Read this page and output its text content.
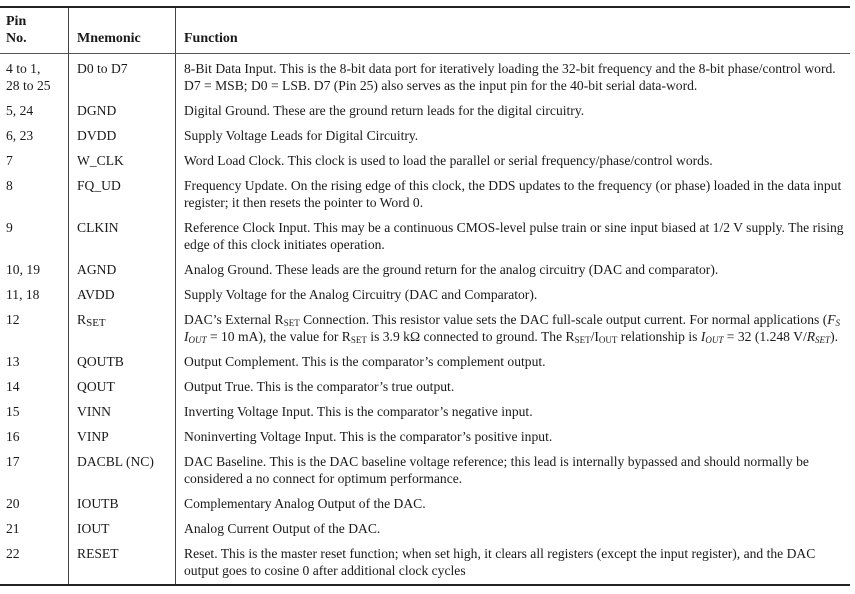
Pin
No.	Mnemonic	Function
4 to 1,
28 to 25	D0 to D7	8-Bit Data Input. This is the 8-bit data port for iteratively loading the 32-bit frequency and the 8-bit phase/control word. D7 = MSB; D0 = LSB. D7 (Pin 25) also serves as the input pin for the 40-bit serial data-word.
5, 24	DGND	Digital Ground. These are the ground return leads for the digital circuitry.
6, 23	DVDD	Supply Voltage Leads for Digital Circuitry.
7	W_CLK	Word Load Clock. This clock is used to load the parallel or serial frequency/phase/control words.
8	FQ_UD	Frequency Update. On the rising edge of this clock, the DDS updates to the frequency (or phase) loaded in the data input register; it then resets the pointer to Word 0.
9	CLKIN	Reference Clock Input. This may be a continuous CMOS-level pulse train or sine input biased at 1/2 V supply. The rising edge of this clock initiates operation.
10, 19	AGND	Analog Ground. These leads are the ground return for the analog circuitry (DAC and comparator).
11, 18	AVDD	Supply Voltage for the Analog Circuitry (DAC and Comparator).
12	$R_{SET}$	DAC’s External $R_{SET}$ Connection. This resistor value sets the DAC full-scale output current. For normal applications ($F_S$ $I_{OUT} = 10$ mA), the value for $R_{SET}$ is 3.9 kΩ connected to ground. The $R_{SET}/I_{OUT}$ relationship is $I_{OUT} = 32$ (1.248 $V/R_{SET}$).
13	QOUTB	Output Complement. This is the comparator’s complement output.
14	QOUT	Output True. This is the comparator’s true output.
15	VINN	Inverting Voltage Input. This is the comparator’s negative input.
16	VINP	Noninverting Voltage Input. This is the comparator’s positive input.
17	DACBL (NC)	DAC Baseline. This is the DAC baseline voltage reference; this lead is internally bypassed and should normally be considered a no connect for optimum performance.
20	IOUTB	Complementary Analog Output of the DAC.
21	IOUT	Analog Current Output of the DAC.
22	RESET	Reset. This is the master reset function; when set high, it clears all registers (except the input register), and the DAC output goes to cosine 0 after additional clock cycles
